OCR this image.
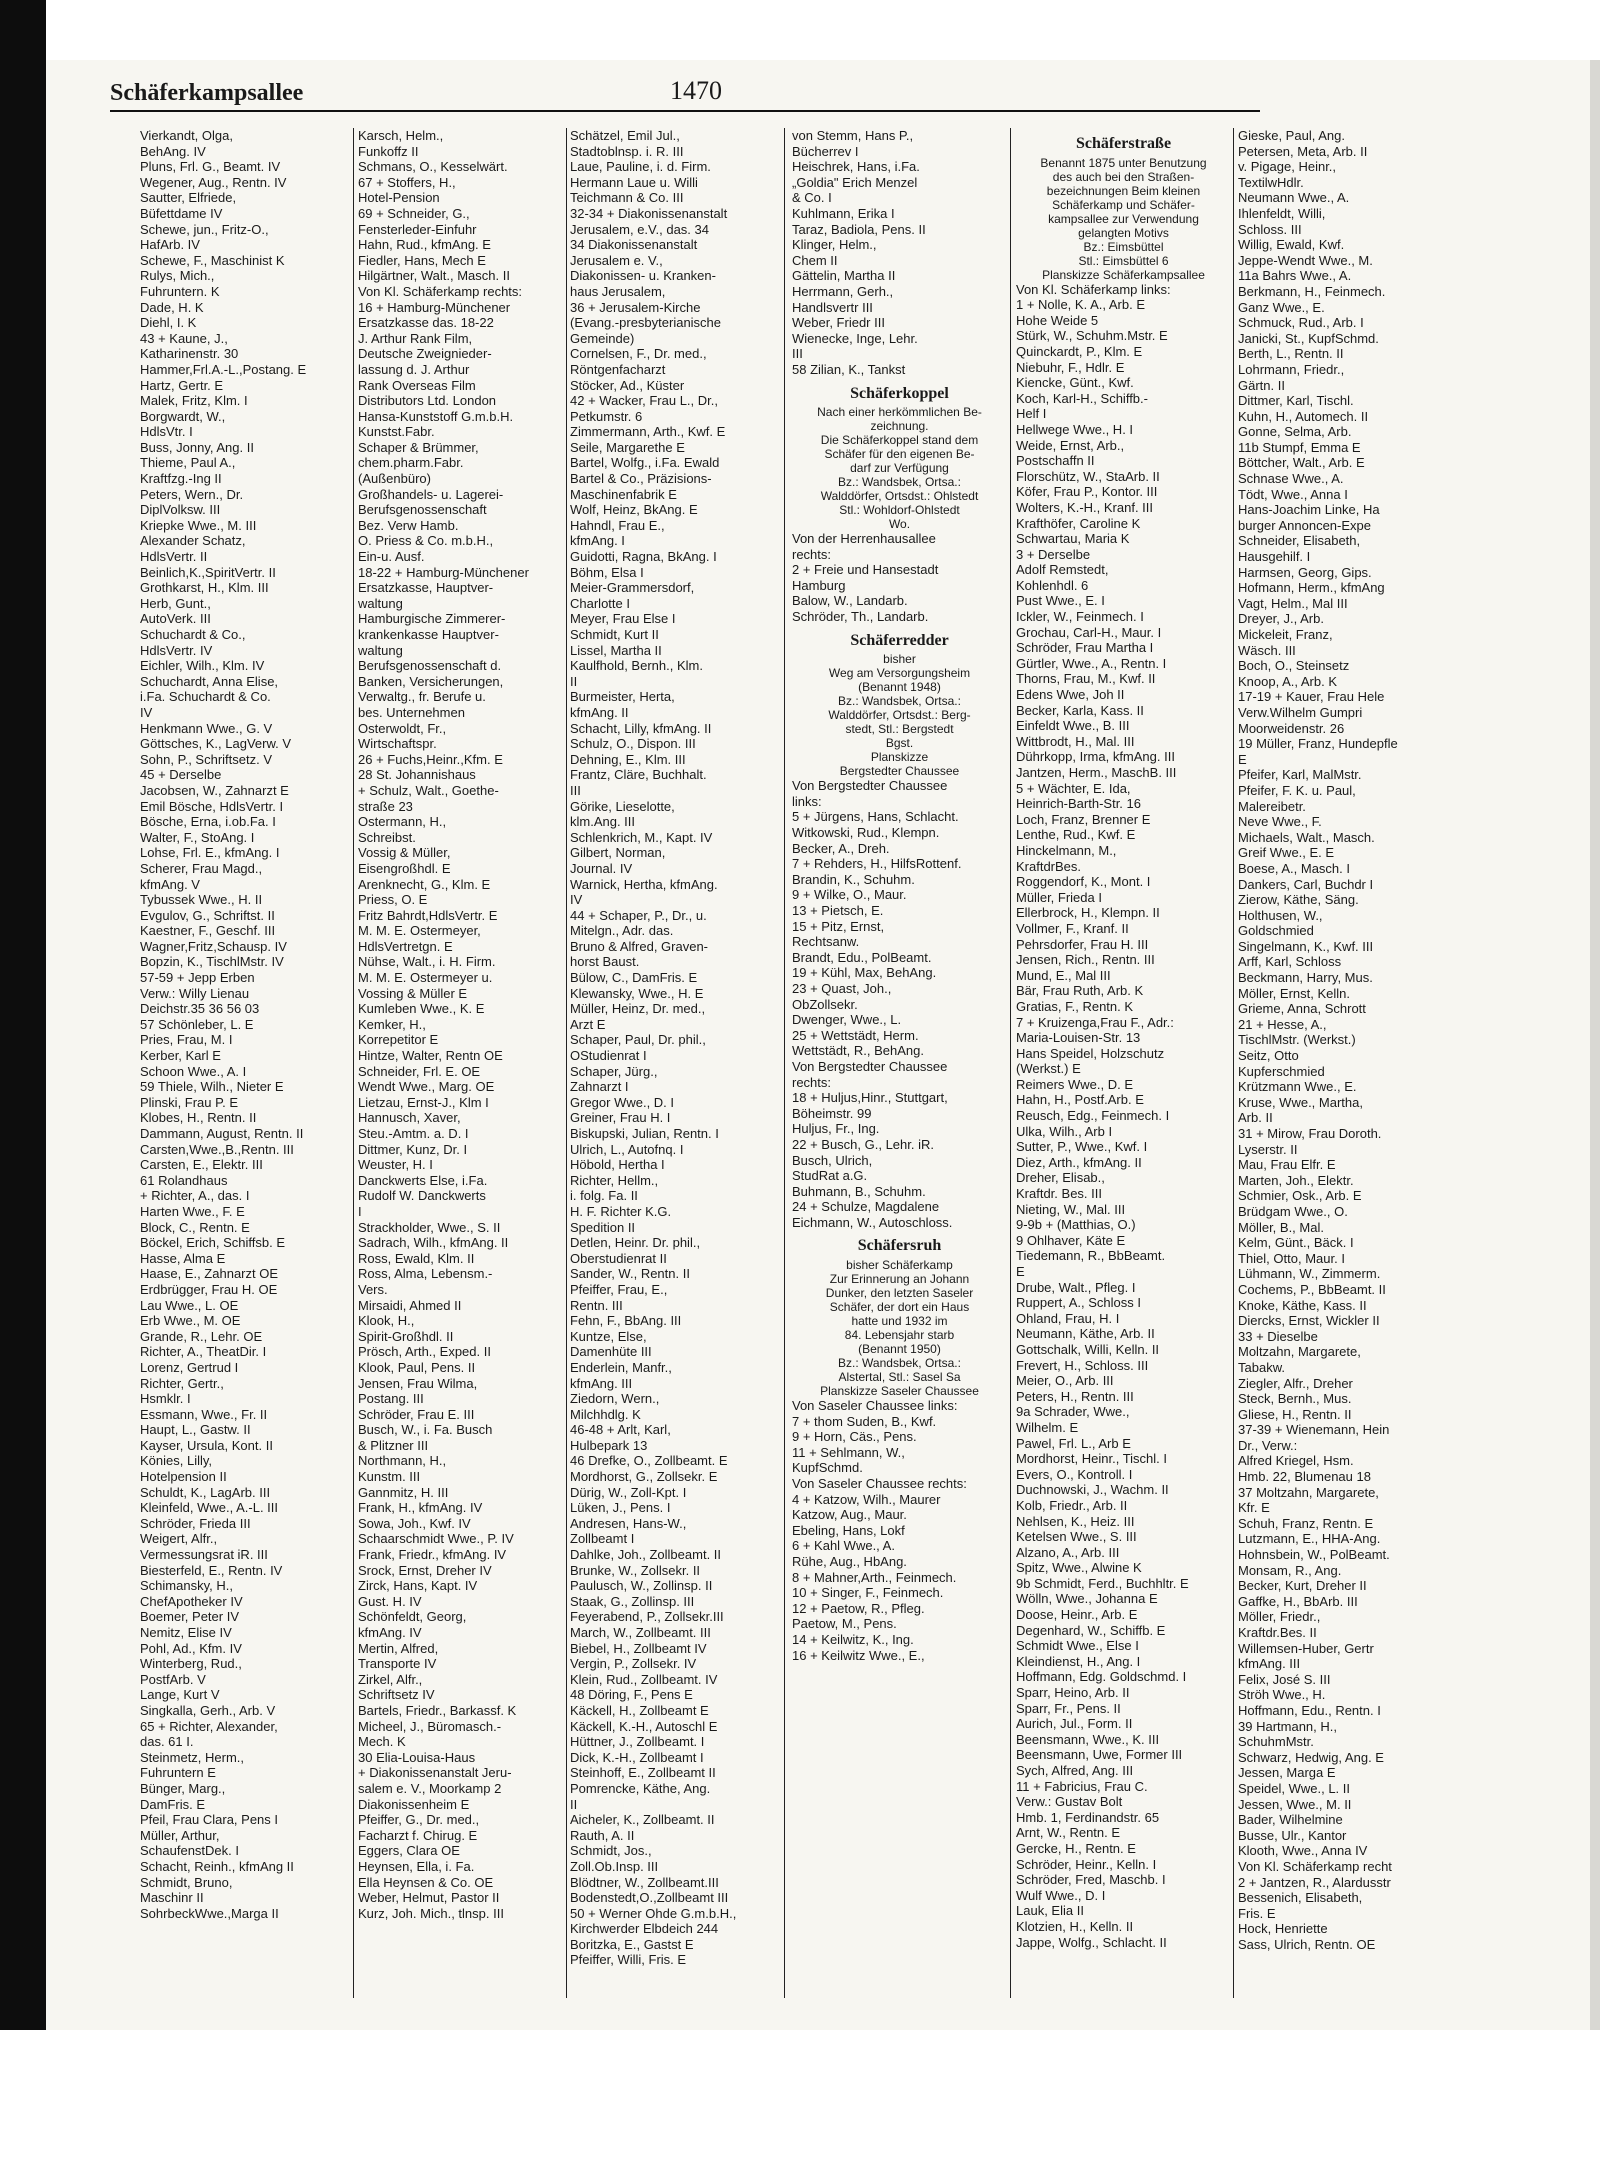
Schäferkampsallee	1470
Vierkandt, Olga,
BehAng. IV
Pluns, Frl. G., Beamt. IV
Wegener, Aug., Rentn. IV
Sautter, Elfriede,
Büfettdame IV
Schewe, jun., Fritz-O.,
HafArb. IV
Schewe, F., Maschinist K
Rulys, Mich.,
Fuhruntern. K
Dade, H. K
Diehl, I. K
43 + Kaune, J.,
Katharinenstr. 30
Hammer,Frl.A.-L.,Postang. E
Hartz, Gertr. E
Malek, Fritz, Klm. I
Borgwardt, W.,
HdlsVtr. I
Buss, Jonny, Ang. II
Thieme, Paul A.,
Kraftfzg.-Ing II
Peters, Wern., Dr.
DiplVolksw. III
Kriepke Wwe., M. III
Alexander Schatz,
HdlsVertr. II
Beinlich,K.,SpiritVertr. II
Grothkarst, H., Klm. III
Herb, Gunt.,
AutoVerk. III
Schuchardt & Co.,
HdlsVertr. IV
Eichler, Wilh., Klm. IV
Schuchardt, Anna Elise,
i.Fa. Schuchardt & Co.
IV
Henkmann Wwe., G. V
Göttsches, K., LagVerw. V
Sohn, P., Schriftsetz. V
45 + Derselbe
Jacobsen, W., Zahnarzt E
Emil Bösche, HdlsVertr. I
Bösche, Erna, i.ob.Fa. I
Walter, F., StoAng. I
Lohse, Frl. E., kfmAng. I
Scherer, Frau Magd.,
kfmAng. V
Tybussek Wwe., H. II
Evgulov, G., Schriftst. II
Kaestner, F., Geschf. III
Wagner,Fritz,Schausp. IV
Bopzin, K., TischlMstr. IV
57-59 + Jepp Erben
Verw.: Willy Lienau
Deichstr.35 36 56 03
57 Schönleber, L. E
Pries, Frau, M. I
Kerber, Karl E
Schoon Wwe., A. I
59 Thiele, Wilh., Nieter E
Plinski, Frau P. E
Klobes, H., Rentn. II
Dammann, August, Rentn. II
Carsten,Wwe.,B.,Rentn. III
Carsten, E., Elektr. III
61 Rolandhaus
+ Richter, A., das. I
Harten Wwe., F. E
Block, C., Rentn. E
Böckel, Erich, Schiffsb. E
Hasse, Alma E
Haase, E., Zahnarzt OE
Erdbrügger, Frau H. OE
Lau Wwe., L. OE
Erb Wwe., M. OE
Grande, R., Lehr. OE
Richter, A., TheatDir. I
Lorenz, Gertrud I
Richter, Gertr.,
Hsmklr. I
Essmann, Wwe., Fr. II
Haupt, L., Gastw. II
Kayser, Ursula, Kont. II
Könies, Lilly,
Hotelpension II
Schuldt, K., LagArb. III
Kleinfeld, Wwe., A.-L. III
Schröder, Frieda III
Weigert, Alfr.,
Vermessungsrat iR. III
Biesterfeld, E., Rentn. IV
Schimansky, H.,
ChefApotheker IV
Boemer, Peter IV
Nemitz, Elise IV
Pohl, Ad., Kfm. IV
Winterberg, Rud.,
PostfArb. V
Lange, Kurt V
Singkalla, Gerh., Arb. V
65 + Richter, Alexander,
das. 61 I.
Steinmetz, Herm.,
Fuhruntern E
Bünger, Marg.,
DamFris. E
Pfeil, Frau Clara, Pens I
Müller, Arthur,
SchaufenstDek. I
Schacht, Reinh., kfmAng II
Schmidt, Bruno,
Maschinr II
SohrbeckWwe.,Marga II
Karsch, Helm.,
Funkoffz II
Schmans, O., Kesselwärt.
67 + Stoffers, H.,
Hotel-Pension
69 + Schneider, G.,
Fensterleder-Einfuhr
Hahn, Rud., kfmAng. E
Fiedler, Hans, Mech E
Hilgärtner, Walt., Masch. II
Von Kl. Schäferkamp rechts:
16 + Hamburg-Münchener
Ersatzkasse das. 18-22
J. Arthur Rank Film,
Deutsche Zweignieder-
lassung d. J. Arthur
Rank Overseas Film
Distributors Ltd. London
Hansa-Kunststoff G.m.b.H.
Kunstst.Fabr.
Schaper & Brümmer,
chem.pharm.Fabr.
(Außenbüro)
Großhandels- u. Lagerei-
Berufsgenossenschaft
Bez. Verw Hamb.
O. Priess & Co. m.b.H.,
Ein-u. Ausf.
18-22 + Hamburg-Münchener
Ersatzkasse, Hauptver-
waltung
Hamburgische Zimmerer-
krankenkasse Hauptver-
waltung
Berufsgenossenschaft d.
Banken, Versicherungen,
Verwaltg., fr. Berufe u.
bes. Unternehmen
Osterwoldt, Fr.,
Wirtschaftspr.
26 + Fuchs,Heinr.,Kfm. E
28 St. Johannishaus
+ Schulz, Walt., Goethe-
straße 23
Ostermann, H.,
Schreibst.
Vossig & Müller,
Eisengroßhdl. E
Arenknecht, G., Klm. E
Priess, O. E
Fritz Bahrdt,HdlsVertr. E
M. M. E. Ostermeyer,
HdlsVertretgn. E
Nühse, Walt., i. H. Firm.
M. M. E. Ostermeyer u.
Vossing & Müller E
Kumleben Wwe., K. E
Kemker, H.,
Korrepetitor E
Hintze, Walter, Rentn OE
Schneider, Frl. E. OE
Wendt Wwe., Marg. OE
Lietzau, Ernst-J., Klm I
Hannusch, Xaver,
Steu.-Amtm. a. D. I
Dittmer, Kunz, Dr. I
Weuster, H. I
Danckwerts Else, i.Fa.
Rudolf W. Danckwerts
I
Strackholder, Wwe., S. II
Sadrach, Wilh., kfmAng. II
Ross, Ewald, Klm. II
Ross, Alma, Lebensm.-
Vers.
Mirsaidi, Ahmed II
Klook, H.,
Spirit-Großhdl. II
Prösch, Arth., Exped. II
Klook, Paul, Pens. II
Jensen, Frau Wilma,
Postang. III
Schröder, Frau E. III
Busch, W., i. Fa. Busch
& Plitzner III
Northmann, H.,
Kunstm. III
Gannmitz, H. III
Frank, H., kfmAng. IV
Sowa, Joh., Kwf. IV
Schaarschmidt Wwe., P. IV
Frank, Friedr., kfmAng. IV
Srock, Ernst, Dreher IV
Zirck, Hans, Kapt. IV
Gust. H. IV
Schönfeldt, Georg,
kfmAng. IV
Mertin, Alfred,
Transporte IV
Zirkel, Alfr.,
Schriftsetz IV
Bartels, Friedr., Barkassf. K
Micheel, J., Büromasch.-
Mech. K
30 Elia-Louisa-Haus
+ Diakonissenanstalt Jeru-
salem e. V., Moorkamp 2
Diakonissenheim E
Pfeiffer, G., Dr. med.,
Facharzt f. Chirug. E
Eggers, Clara OE
Heynsen, Ella, i. Fa.
Ella Heynsen & Co. OE
Weber, Helmut, Pastor II
Kurz, Joh. Mich., tlnsp. III
Schätzel, Emil Jul.,
Stadtoblnsp. i. R. III
Laue, Pauline, i. d. Firm.
Hermann Laue u. Willi
Teichmann & Co. III
32-34 + Diakonissenanstalt
Jerusalem, e.V., das. 34
34 Diakonissenanstalt
Jerusalem e. V.,
Diakonissen- u. Kranken-
haus Jerusalem,
36 + Jerusalem-Kirche
(Evang.-presbyterianische
Gemeinde)
Cornelsen, F., Dr. med.,
Röntgenfacharzt
Stöcker, Ad., Küster
42 + Wacker, Frau L., Dr.,
Petkumstr. 6
Zimmermann, Arth., Kwf. E
Seile, Margarethe E
Bartel, Wolfg., i.Fa. Ewald
Bartel & Co., Präzisions-
Maschinenfabrik E
Wolf, Heinz, BkAng. E
Hahndl, Frau E.,
kfmAng. I
Guidotti, Ragna, BkAng. I
Böhm, Elsa I
Meier-Grammersdorf,
Charlotte I
Meyer, Frau Else I
Schmidt, Kurt II
Lissel, Martha II
Kaulfhold, Bernh., Klm.
II
Burmeister, Herta,
kfmAng. II
Schacht, Lilly, kfmAng. II
Schulz, O., Dispon. III
Dehning, E., Klm. III
Frantz, Cläre, Buchhalt.
III
Görike, Lieselotte,
klm.Ang. III
Schlenkrich, M., Kapt. IV
Gilbert, Norman,
Journal. IV
Warnick, Hertha, kfmAng.
IV
44 + Schaper, P., Dr., u.
Mitelgn., Adr. das.
Bruno & Alfred, Graven-
horst Baust.
Bülow, C., DamFris. E
Klewansky, Wwe., H. E
Müller, Heinz, Dr. med.,
Arzt E
Schaper, Paul, Dr. phil.,
OStudienrat I
Schaper, Jürg.,
Zahnarzt I
Gregor Wwe., D. I
Greiner, Frau H. I
Biskupski, Julian, Rentn. I
Ulrich, L., Autofnq. I
Höbold, Hertha I
Richter, Hellm.,
i. folg. Fa. II
H. F. Richter K.G.
Spedition II
Detlen, Heinr. Dr. phil.,
Oberstudienrat II
Sander, W., Rentn. II
Pfeiffer, Frau, E.,
Rentn. III
Fehn, F., BbAng. III
Kuntze, Else,
Damenhüte III
Enderlein, Manfr.,
kfmAng. III
Ziedorn, Wern.,
Milchhdlg. K
46-48 + Arlt, Karl,
Hulbepark 13
46 Drefke, O., Zollbeamt. E
Mordhorst, G., Zollsekr. E
Dürig, W., Zoll-Kpt. I
Lüken, J., Pens. I
Andresen, Hans-W.,
Zollbeamt I
Dahlke, Joh., Zollbeamt. II
Brunke, W., Zollsekr. II
Paulusch, W., Zollinsp. II
Staak, G., Zollinsp. III
Feyerabend, P., Zollsekr.III
March, W., Zollbeamt. III
Biebel, H., Zollbeamt IV
Vergin, P., Zollsekr. IV
Klein, Rud., Zollbeamt. IV
48 Döring, F., Pens E
Käckell, H., Zollbeamt E
Käckell, K.-H., Autoschl E
Hüttner, J., Zollbeamt. I
Dick, K.-H., Zollbeamt I
Steinhoff, E., Zollbeamt II
Pomrencke, Käthe, Ang.
II
Aicheler, K., Zollbeamt. II
Rauth, A. II
Schmidt, Jos.,
Zoll.Ob.Insp. III
Blödtner, W., Zollbeamt.III
Bodenstedt,O.,Zollbeamt III
50 + Werner Ohde G.m.b.H.,
Kirchwerder Elbdeich 244
Boritzka, E., Gastst E
Pfeiffer, Willi, Fris. E
von Stemm, Hans P.,
Bücherrev I
Heischrek, Hans, i.Fa.
„Goldia" Erich Menzel
& Co. I
Kuhlmann, Erika I
Taraz, Badiola, Pens. II
Klinger, Helm.,
Chem II
Gättelin, Martha II
Herrmann, Gerh.,
Handlsvertr III
Weber, Friedr III
Wienecke, Inge, Lehr.
III
58 Zilian, K., Tankst
Schäferkoppel
Nach einer herkömmlichen Be-
zeichnung.
Die Schäferkoppel stand dem
Schäfer für den eigenen Be-
darf zur Verfügung
Bz.: Wandsbek, Ortsa.:
Walddörfer, Ortsdst.: Ohlstedt
Stl.: Wohldorf-Ohlstedt
Wo.
Von der Herrenhausallee
rechts:
2 + Freie und Hansestadt
Hamburg
Balow, W., Landarb.
Schröder, Th., Landarb.
Schäferredder
bisher
Weg am Versorgungsheim
(Benannt 1948)
Bz.: Wandsbek, Ortsa.:
Walddörfer, Ortsdst.: Berg-
stedt, Stl.: Bergstedt
Bgst.
Planskizze
Bergstedter Chaussee
Von Bergstedter Chaussee
links:
5 + Jürgens, Hans, Schlacht.
Witkowski, Rud., Klempn.
Becker, A., Dreh.
7 + Rehders, H., HilfsRottenf.
Brandin, K., Schuhm.
9 + Wilke, O., Maur.
13 + Pietsch, E.
15 + Pitz, Ernst,
Rechtsanw.
Brandt, Edu., PolBeamt.
19 + Kühl, Max, BehAng.
23 + Quast, Joh.,
ObZollsekr.
Dwenger, Wwe., L.
25 + Wettstädt, Herm.
Wettstädt, R., BehAng.
Von Bergstedter Chaussee
rechts:
18 + Huljus,Hinr., Stuttgart,
Böheimstr. 99
Huljus, Fr., Ing.
22 + Busch, G., Lehr. iR.
Busch, Ulrich,
StudRat a.G.
Buhmann, B., Schuhm.
24 + Schulze, Magdalene
Eichmann, W., Autoschloss.
Schäfersruh
bisher Schäferkamp
Zur Erinnerung an Johann
Dunker, den letzten Saseler
Schäfer, der dort ein Haus
hatte und 1932 im
84. Lebensjahr starb
(Benannt 1950)
Bz.: Wandsbek, Ortsa.:
Alstertal, Stl.: Sasel Sa
Planskizze Saseler Chaussee
Von Saseler Chaussee links:
7 + thom Suden, B., Kwf.
9 + Horn, Cäs., Pens.
11 + Sehlmann, W.,
KupfSchmd.
Von Saseler Chaussee rechts:
4 + Katzow, Wilh., Maurer
Katzow, Aug., Maur.
Ebeling, Hans, Lokf
6 + Kahl Wwe., A.
Rühe, Aug., HbAng.
8 + Mahner,Arth., Feinmech.
10 + Singer, F., Feinmech.
12 + Paetow, R., Pfleg.
Paetow, M., Pens.
14 + Keilwitz, K., Ing.
16 + Keilwitz Wwe., E.,
Schäferstraße
Benannt 1875 unter Benutzung
des auch bei den Straßen-
bezeichnungen Beim kleinen
Schäferkamp und Schäfer-
kampsallee zur Verwendung
gelangten Motivs
Bz.: Eimsbüttel
Stl.: Eimsbüttel 6
Planskizze Schäferkampsallee
Von Kl. Schäferkamp links:
1 + Nolle, K. A., Arb. E
Hohe Weide 5
Stürk, W., Schuhm.Mstr. E
Quinckardt, P., Klm. E
Niebuhr, F., Hdlr. E
Kiencke, Günt., Kwf.
Koch, Karl-H., Schiffb.-
Helf I
Hellwege Wwe., H. I
Weide, Ernst, Arb.,
Postschaffn II
Florschütz, W., StaArb. II
Köfer, Frau P., Kontor. III
Wolters, K.-H., Kranf. III
Krafthöfer, Caroline K
Schwartau, Maria K
3 + Derselbe
Adolf Remstedt,
Kohlenhdl. 6
Pust Wwe., E. I
Ickler, W., Feinmech. I
Grochau, Carl-H., Maur. I
Schröder, Frau Martha I
Gürtler, Wwe., A., Rentn. I
Thorns, Frau, M., Kwf. II
Edens Wwe, Joh II
Becker, Karla, Kass. II
Einfeldt Wwe., B. III
Wittbrodt, H., Mal. III
Dührkopp, Irma, kfmAng. III
Jantzen, Herm., MaschB. III
5 + Wächter, E. Ida,
Heinrich-Barth-Str. 16
Loch, Franz, Brenner E
Lenthe, Rud., Kwf. E
Hinckelmann, M.,
KraftdrBes.
Roggendorf, K., Mont. I
Müller, Frieda I
Ellerbrock, H., Klempn. II
Vollmer, F., Kranf. II
Pehrsdorfer, Frau H. III
Jensen, Rich., Rentn. III
Mund, E., Mal III
Bär, Frau Ruth, Arb. K
Gratias, F., Rentn. K
7 + Kruizenga,Frau F., Adr.:
Maria-Louisen-Str. 13
Hans Speidel, Holzschutz
(Werkst.) E
Reimers Wwe., D. E
Hahn, H., Postf.Arb. E
Reusch, Edg., Feinmech. I
Ulka, Wilh., Arb I
Sutter, P., Wwe., Kwf. I
Diez, Arth., kfmAng. II
Dreher, Elisab.,
Kraftdr. Bes. III
Nieting, W., Mal. III
9-9b + (Matthias, O.)
9 Ohlhaver, Käte E
Tiedemann, R., BbBeamt.
E
Drube, Walt., Pfleg. I
Ruppert, A., Schloss I
Ohland, Frau, H. I
Neumann, Käthe, Arb. II
Gottschalk, Willi, Kelln. II
Frevert, H., Schloss. III
Meier, O., Arb. III
Peters, H., Rentn. III
9a Schrader, Wwe.,
Wilhelm. E
Pawel, Frl. L., Arb E
Mordhorst, Heinr., Tischl. I
Evers, O., Kontroll. I
Duchnowski, J., Wachm. II
Kolb, Friedr., Arb. II
Nehlsen, K., Heiz. III
Ketelsen Wwe., S. III
Alzano, A., Arb. III
Spitz, Wwe., Alwine K
9b Schmidt, Ferd., Buchhltr. E
Wölln, Wwe., Johanna E
Doose, Heinr., Arb. E
Degenhard, W., Schiffb. E
Schmidt Wwe., Else I
Kleindienst, H., Ang. I
Hoffmann, Edg. Goldschmd. I
Sparr, Heino, Arb. II
Sparr, Fr., Pens. II
Aurich, Jul., Form. II
Beensmann, Wwe., K. III
Beensmann, Uwe, Former III
Sych, Alfred, Ang. III
11 + Fabricius, Frau C.
Verw.: Gustav Bolt
Hmb. 1, Ferdinandstr. 65
Arnt, W., Rentn. E
Gercke, H., Rentn. E
Schröder, Heinr., Kelln. I
Schröder, Fred, Maschb. I
Wulf Wwe., D. I
Lauk, Elia II
Klotzien, H., Kelln. II
Jappe, Wolfg., Schlacht. II
Gieske, Paul, Ang.
Petersen, Meta, Arb. II
v. Pigage, Heinr.,
TextilwHdlr.
Neumann Wwe., A.
Ihlenfeldt, Willi,
Schloss. III
Willig, Ewald, Kwf.
Jeppe-Wendt Wwe., M.
11a Bahrs Wwe., A.
Berkmann, H., Feinmech.
Ganz Wwe., E.
Schmuck, Rud., Arb. I
Janicki, St., KupfSchmd.
Berth, L., Rentn. II
Lohrmann, Friedr.,
Gärtn. II
Dittmer, Karl, Tischl.
Kuhn, H., Automech. II
Gonne, Selma, Arb.
11b Stumpf, Emma E
Böttcher, Walt., Arb. E
Schnase Wwe., A.
Tödt, Wwe., Anna I
Hans-Joachim Linke, Ha
burger Annoncen-Expe
Schneider, Elisabeth,
Hausgehilf. I
Harmsen, Georg, Gips.
Hofmann, Herm., kfmAng
Vagt, Helm., Mal III
Dreyer, J., Arb.
Mickeleit, Franz,
Wäsch. III
Boch, O., Steinsetz
Knoop, A., Arb. K
17-19 + Kauer, Frau Hele
Verw.Wilhelm Gumpri
Moorweidenstr. 26
19 Müller, Franz, Hundepfle
E
Pfeifer, Karl, MalMstr.
Pfeifer, F. K. u. Paul,
Malereibetr.
Neve Wwe., F.
Michaels, Walt., Masch.
Greif Wwe., E. E
Boese, A., Masch. I
Dankers, Carl, Buchdr I
Zierow, Käthe, Säng.
Holthusen, W.,
Goldschmied
Singelmann, K., Kwf. III
Arff, Karl, Schloss
Beckmann, Harry, Mus.
Möller, Ernst, Kelln.
Grieme, Anna, Schrott
21 + Hesse, A.,
TischlMstr. (Werkst.)
Seitz, Otto
Kupferschmied
Krützmann Wwe., E.
Kruse, Wwe., Martha,
Arb. II
31 + Mirow, Frau Doroth.
Lyserstr. II
Mau, Frau Elfr. E
Marten, Joh., Elektr.
Schmier, Osk., Arb. E
Brüdgam Wwe., O.
Möller, B., Mal.
Kelm, Günt., Bäck. I
Thiel, Otto, Maur. I
Lühmann, W., Zimmerm.
Cochems, P., BbBeamt. II
Knoke, Käthe, Kass. II
Diercks, Ernst, Wickler II
33 + Dieselbe
Moltzahn, Margarete,
Tabakw.
Ziegler, Alfr., Dreher
Steck, Bernh., Mus.
Gliese, H., Rentn. II
37-39 + Wienemann, Hein
Dr., Verw.:
Alfred Kriegel, Hsm.
Hmb. 22, Blumenau 18
37 Moltzahn, Margarete,
Kfr. E
Schuh, Franz, Rentn. E
Lutzmann, E., HHA-Ang.
Hohnsbein, W., PolBeamt.
Monsam, R., Ang.
Becker, Kurt, Dreher II
Gaffke, H., BbArb. III
Möller, Friedr.,
Kraftdr.Bes. II
Willemsen-Huber, Gertr
kfmAng. III
Felix, José S. III
Ströh Wwe., H.
Hoffmann, Edu., Rentn. I
39 Hartmann, H.,
SchuhmMstr.
Schwarz, Hedwig, Ang. E
Jessen, Marga E
Speidel, Wwe., L. II
Jessen, Wwe., M. II
Bader, Wilhelmine
Busse, Ulr., Kantor
Klooth, Wwe., Anna IV
Von Kl. Schäferkamp recht
2 + Jantzen, R., Alardusstr
Bessenich, Elisabeth,
Fris. E
Hock, Henriette
Sass, Ulrich, Rentn. OE
